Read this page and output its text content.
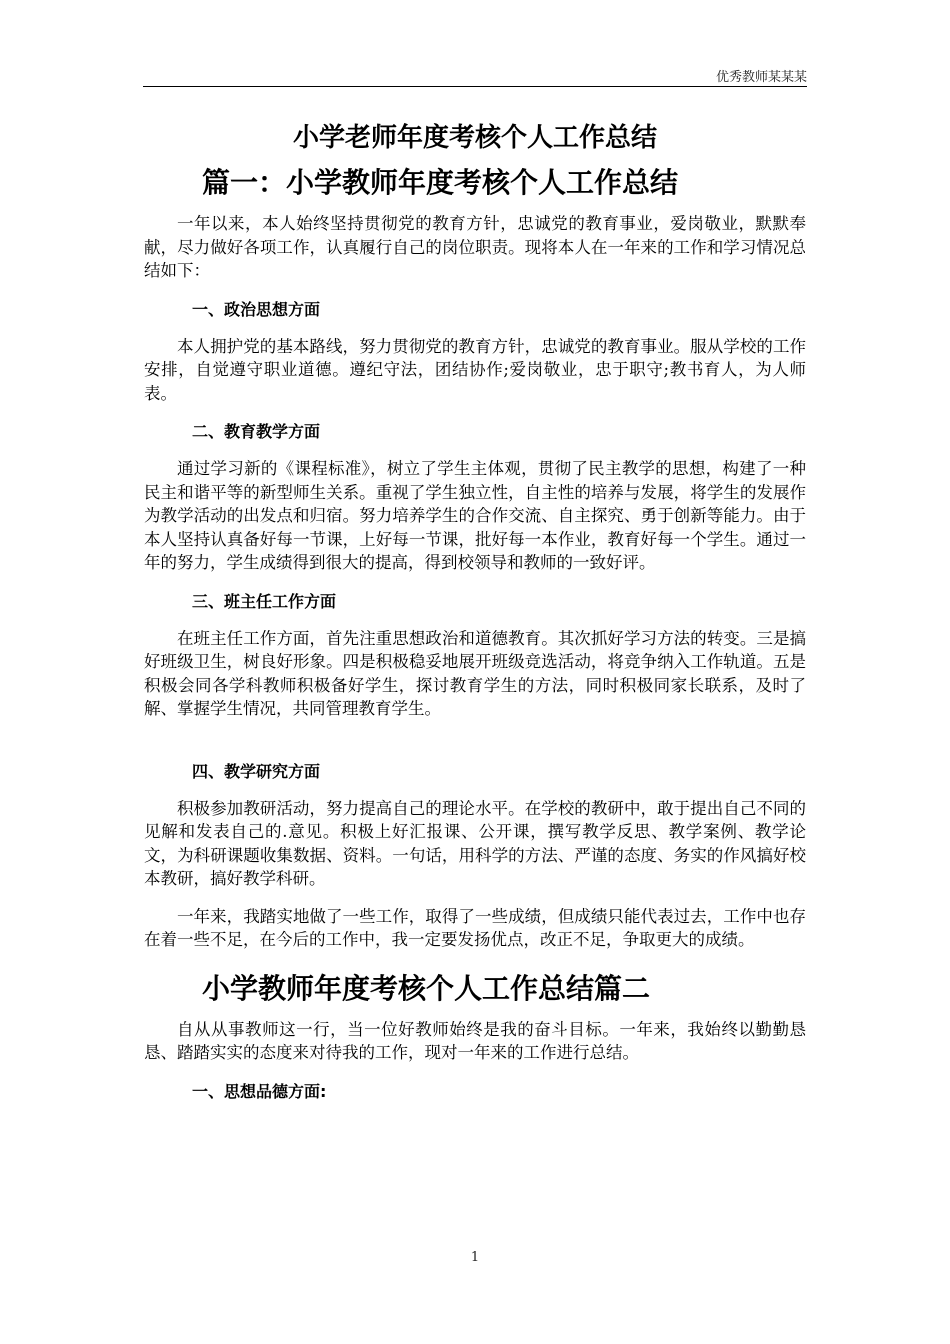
优秀教师某某某
小学老师年度考核个人工作总结
篇一：小学教师年度考核个人工作总结

一年以来，本人始终坚持贯彻党的教育方针，忠诚党的教育事业，爱岗敬业，默默奉献，尽力做好各项工作，认真履行自己的岗位职责。现将本人在一年来的工作和学习情况总结如下：

一、政治思想方面

本人拥护党的基本路线，努力贯彻党的教育方针，忠诚党的教育事业。服从学校的工作安排，自觉遵守职业道德。遵纪守法，团结协作;爱岗敬业，忠于职守;教书育人，为人师表。

二、教育教学方面

通过学习新的《课程标准》，树立了学生主体观，贯彻了民主教学的思想，构建了一种民主和谐平等的新型师生关系。重视了学生独立性，自主性的培养与发展，将学生的发展作为教学活动的出发点和归宿。努力培养学生的合作交流、自主探究、勇于创新等能力。由于本人坚持认真备好每一节课，上好每一节课，批好每一本作业，教育好每一个学生。通过一年的努力，学生成绩得到很大的提高，得到校领导和教师的一致好评。

三、班主任工作方面

在班主任工作方面，首先注重思想政治和道德教育。其次抓好学习方法的转变。三是搞好班级卫生，树良好形象。四是积极稳妥地展开班级竞选活动，将竞争纳入工作轨道。五是积极会同各学科教师积极备好学生，探讨教育学生的方法，同时积极同家长联系，及时了解、掌握学生情况，共同管理教育学生。

四、教学研究方面

积极参加教研活动，努力提高自己的理论水平。在学校的教研中，敢于提出自己不同的见解和发表自己的.意见。积极上好汇报课、公开课，撰写教学反思、教学案例、教学论文，为科研课题收集数据、资料。一句话，用科学的方法、严谨的态度、务实的作风搞好校本教研，搞好教学科研。

一年来，我踏实地做了一些工作，取得了一些成绩，但成绩只能代表过去，工作中也存在着一些不足，在今后的工作中，我一定要发扬优点，改正不足，争取更大的成绩。

小学教师年度考核个人工作总结篇二

自从从事教师这一行，当一位好教师始终是我的奋斗目标。一年来，我始终以勤勤恳恳、踏踏实实的态度来对待我的工作，现对一年来的工作进行总结。

一、思想品德方面:
1
